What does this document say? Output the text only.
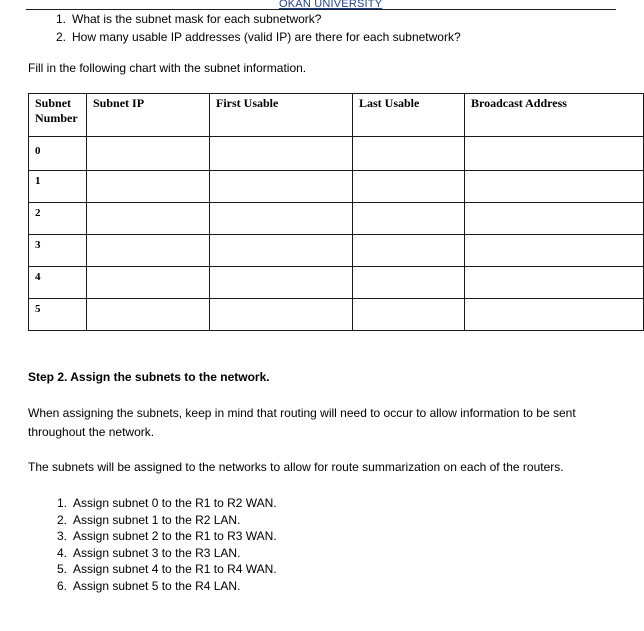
OKAN UNIVERSITY
1. What is the subnet mask for each subnetwork?
2. How many usable IP addresses (valid IP) are there for each subnetwork?
Fill in the following chart with the subnet information.
Subnet Number	Subnet IP	First Usable	Last Usable	Broadcast Address
0				
1				
2				
3				
4				
5				
Step 2. Assign the subnets to the network.
When assigning the subnets, keep in mind that routing will need to occur to allow information to be sent throughout the network.
The subnets will be assigned to the networks to allow for route summarization on each of the routers.
1. Assign subnet 0 to the R1 to R2 WAN.
2. Assign subnet 1 to the R2 LAN.
3. Assign subnet 2 to the R1 to R3 WAN.
4. Assign subnet 3 to the R3 LAN.
5. Assign subnet 4 to the R1 to R4 WAN.
6. Assign subnet 5 to the R4 LAN.
